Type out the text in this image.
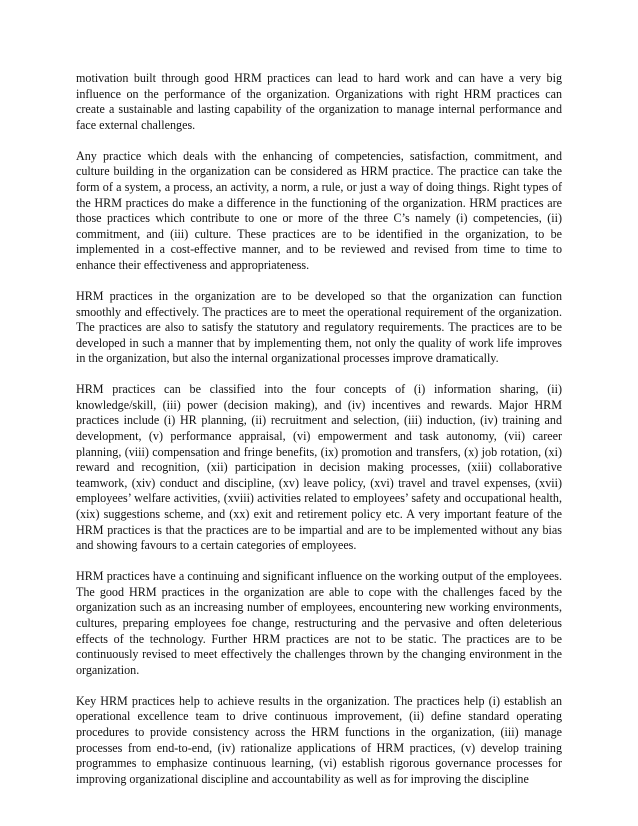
motivation built through good HRM practices can lead to hard work and can have a very big influence on the performance of the organization. Organizations with right HRM practices can create a sustainable and lasting capability of the organization to manage internal performance and face external challenges.

Any practice which deals with the enhancing of competencies, satisfaction, commitment, and culture building in the organization can be considered as HRM practice. The practice can take the form of a system, a process, an activity, a norm, a rule, or just a way of doing things. Right types of the HRM practices do make a difference in the functioning of the organization. HRM practices are those practices which contribute to one or more of the three C’s namely (i) competencies, (ii) commitment, and (iii) culture. These practices are to be identified in the organization, to be implemented in a cost-effective manner, and to be reviewed and revised from time to time to enhance their effectiveness and appropriateness.

HRM practices in the organization are to be developed so that the organization can function smoothly and effectively. The practices are to meet the operational requirement of the organization. The practices are also to satisfy the statutory and regulatory requirements. The practices are to be developed in such a manner that by implementing them, not only the quality of work life improves in the organization, but also the internal organizational processes improve dramatically.

HRM practices can be classified into the four concepts of (i) information sharing, (ii) knowledge/skill, (iii) power (decision making), and (iv) incentives and rewards. Major HRM practices include (i) HR planning, (ii) recruitment and selection, (iii) induction, (iv) training and development, (v) performance appraisal, (vi) empowerment and task autonomy, (vii) career planning, (viii) compensation and fringe benefits, (ix) promotion and transfers, (x) job rotation, (xi) reward and recognition, (xii) participation in decision making processes, (xiii) collaborative teamwork, (xiv) conduct and discipline, (xv) leave policy, (xvi) travel and travel expenses, (xvii) employees’ welfare activities, (xviii) activities related to employees’ safety and occupational health, (xix) suggestions scheme, and (xx) exit and retirement policy etc. A very important feature of the HRM practices is that the practices are to be impartial and are to be implemented without any bias and showing favours to a certain categories of employees.

HRM practices have a continuing and significant influence on the working output of the employees. The good HRM practices in the organization are able to cope with the challenges faced by the organization such as an increasing number of employees, encountering new working environments, cultures, preparing employees foe change, restructuring and the pervasive and often deleterious effects of the technology. Further HRM practices are not to be static. The practices are to be continuously revised to meet effectively the challenges thrown by the changing environment in the organization.

Key HRM practices help to achieve results in the organization. The practices help (i) establish an operational excellence team to drive continuous improvement, (ii) define standard operating procedures to provide consistency across the HRM functions in the organization, (iii) manage processes from end-to-end, (iv) rationalize applications of HRM practices, (v) develop training programmes to emphasize continuous learning, (vi) establish rigorous governance processes for improving organizational discipline and accountability as well as for improving the discipline
